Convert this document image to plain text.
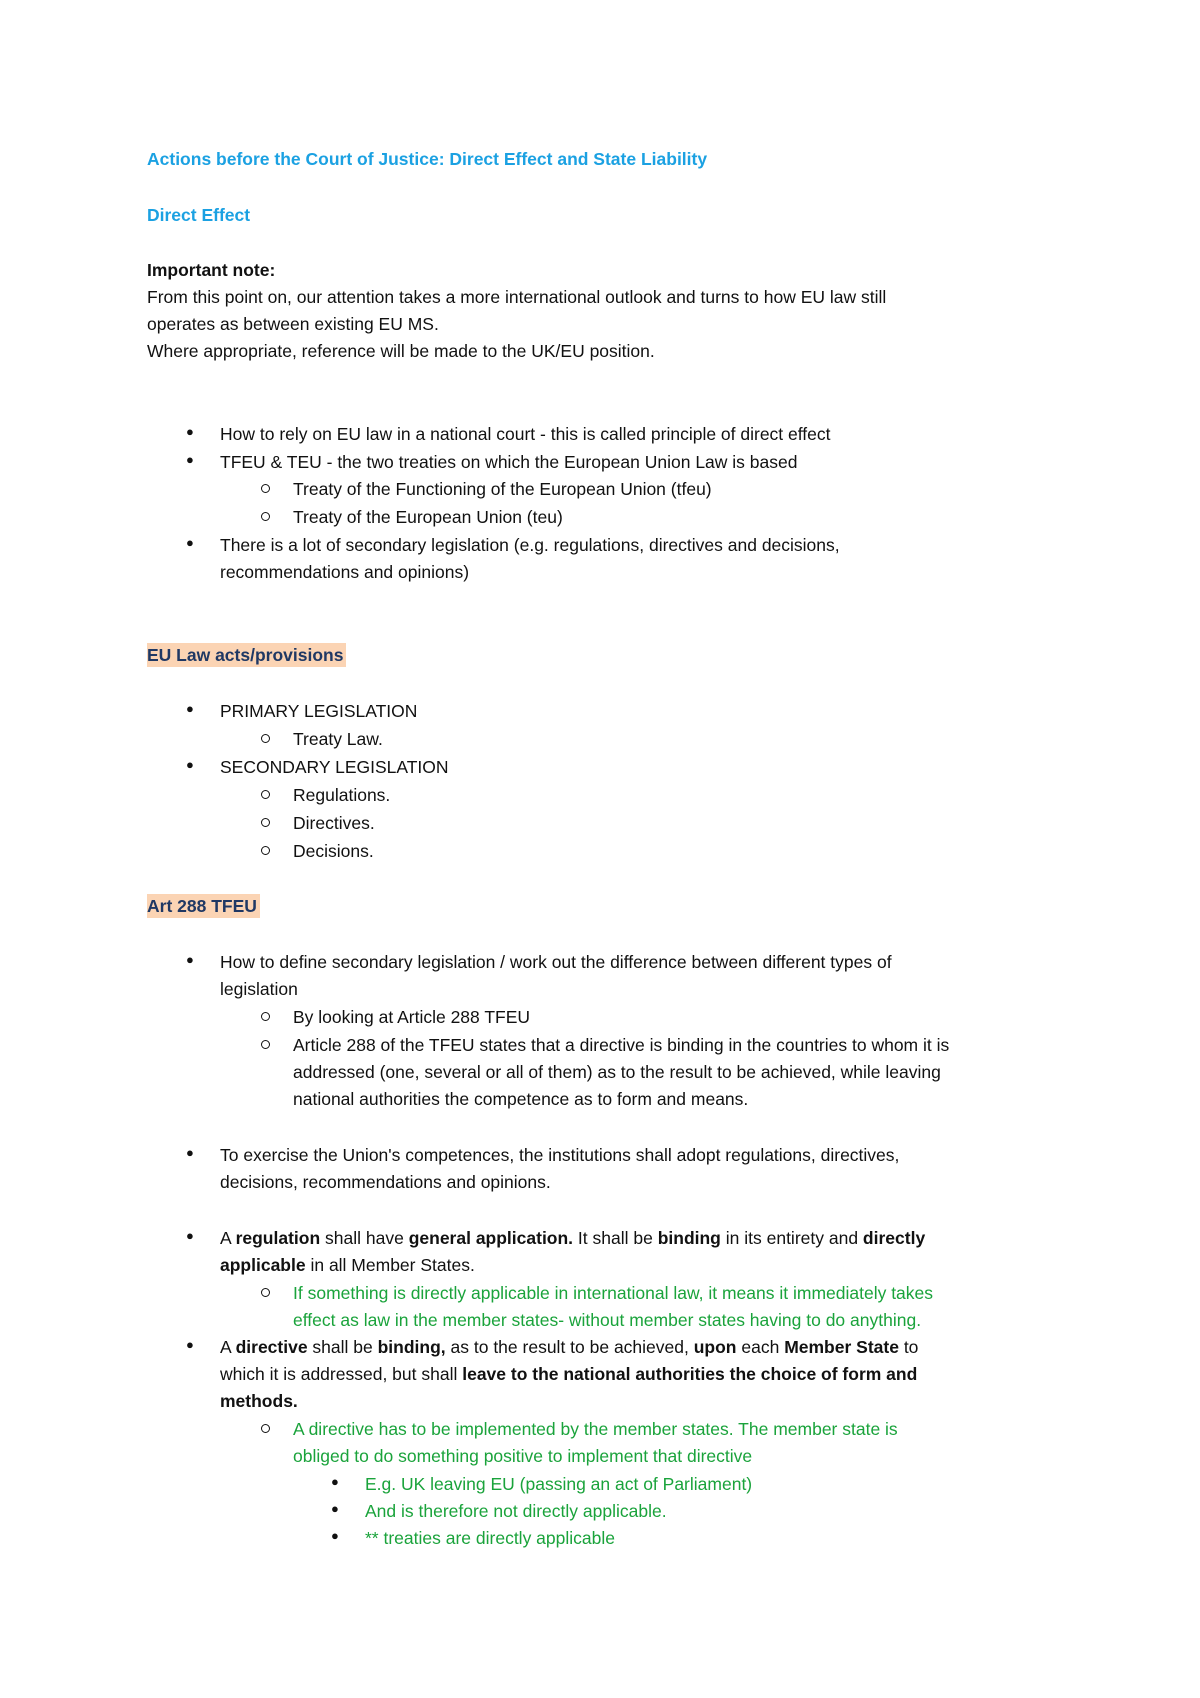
Actions before the Court of Justice: Direct Effect and State Liability
Direct Effect
Important note:
From this point on, our attention takes a more international outlook and turns to how EU law still
operates as between existing EU MS.
Where appropriate, reference will be made to the UK/EU position.
●
How to rely on EU law in a national court - this is called principle of direct effect
●
TFEU & TEU - the two treaties on which the European Union Law is based
Treaty of the Functioning of the European Union (tfeu)
Treaty of the European Union (teu)
●
There is a lot of secondary legislation (e.g. regulations, directives and decisions,
recommendations and opinions)
EU Law acts/provisions
●
PRIMARY LEGISLATION
Treaty Law.
●
SECONDARY LEGISLATION
Regulations.
Directives.
Decisions.
Art 288 TFEU
●
How to define secondary legislation / work out the difference between different types of
legislation
By looking at Article 288 TFEU
Article 288 of the TFEU states that a directive is binding in the countries to whom it is
addressed (one, several or all of them) as to the result to be achieved, while leaving
national authorities the competence as to form and means.
●
To exercise the Union's competences, the institutions shall adopt regulations, directives,
decisions, recommendations and opinions.
●
A regulation shall have general application. It shall be binding in its entirety and directly
applicable in all Member States.
If something is directly applicable in international law, it means it immediately takes
effect as law in the member states- without member states having to do anything.
●
A directive shall be binding, as to the result to be achieved, upon each Member State to
which it is addressed, but shall leave to the national authorities the choice of form and
methods.
A directive has to be implemented by the member states. The member state is
obliged to do something positive to implement that directive
●
E.g. UK leaving EU (passing an act of Parliament)
●
And is therefore not directly applicable.
●
** treaties are directly applicable
